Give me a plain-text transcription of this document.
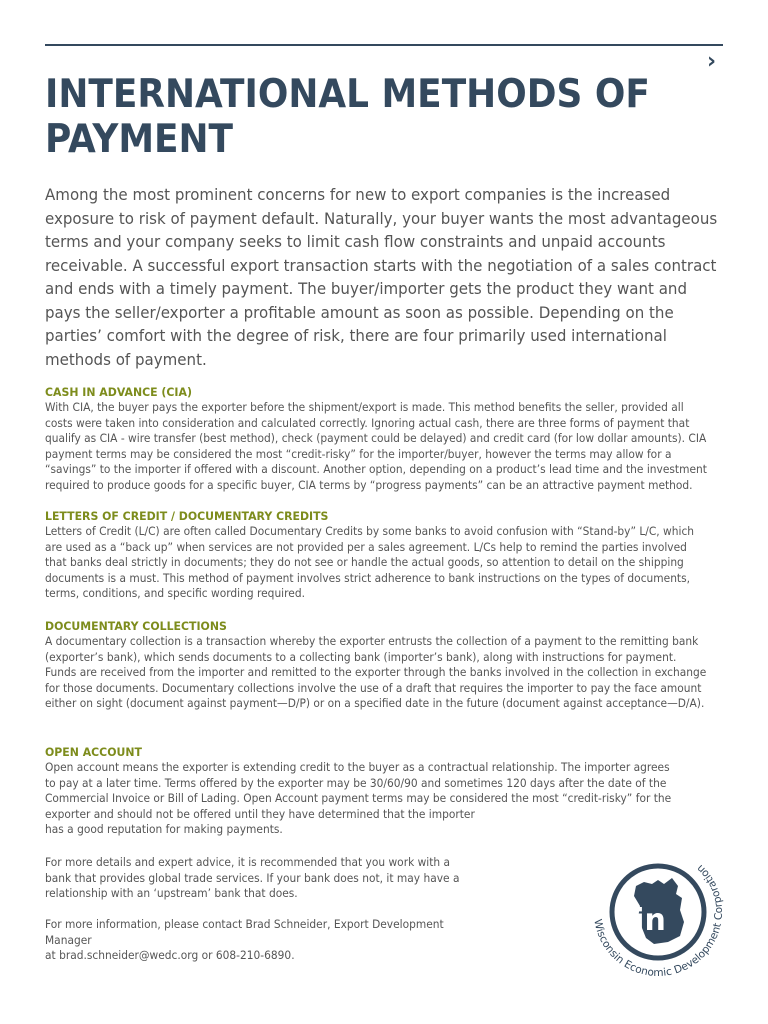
›
INTERNATIONAL METHODS OF PAYMENT

Among the most prominent concerns for new to export companies is the increased exposure to risk of payment default. Naturally, your buyer wants the most advantageous terms and your company seeks to limit cash flow constraints and unpaid accounts receivable. A successful export transaction starts with the negotiation of a sales contract and ends with a timely payment. The buyer/importer gets the product they want and pays the seller/exporter a profitable amount as soon as possible. Depending on the parties’ comfort with the degree of risk, there are four primarily used international methods of payment.

CASH IN ADVANCE (CIA)

With CIA, the buyer pays the exporter before the shipment/export is made. This method benefits the seller, provided all costs were taken into consideration and calculated correctly. Ignoring actual cash, there are three forms of payment that qualify as CIA - wire transfer (best method), check (payment could be delayed) and credit card (for low dollar amounts). CIA payment terms may be considered the most “credit-risky” for the importer/buyer, however the terms may allow for a “savings” to the importer if offered with a discount. Another option, depending on a product’s lead time and the investment required to produce goods for a specific buyer, CIA terms by “progress payments” can be an attractive payment method.

LETTERS OF CREDIT / DOCUMENTARY CREDITS

Letters of Credit (L/C) are often called Documentary Credits by some banks to avoid confusion with “Stand-by” L/C, which are used as a “back up” when services are not provided per a sales agreement. L/Cs help to remind the parties involved that banks deal strictly in documents; they do not see or handle the actual goods, so attention to detail on the shipping documents is a must. This method of payment involves strict adherence to bank instructions on the types of documents, terms, conditions, and specific wording required.

DOCUMENTARY COLLECTIONS

A documentary collection is a transaction whereby the exporter entrusts the collection of a payment to the remitting bank (exporter’s bank), which sends documents to a collecting bank (importer’s bank), along with instructions for payment. Funds are received from the importer and remitted to the exporter through the banks involved in the collection in exchange for those documents. Documentary collections involve the use of a draft that requires the importer to pay the face amount either on sight (document against payment—D/P) or on a specified date in the future (document against acceptance—D/A).

OPEN ACCOUNT

Open account means the exporter is extending credit to the buyer as a contractual relationship. The importer agrees
to pay at a later time. Terms offered by the exporter may be 30/60/90 and sometimes 120 days after the date of the
Commercial Invoice or Bill of Lading. Open Account payment terms may be considered the most “credit-risky” for the
exporter and should not be offered until they have determined that the importer
has a good reputation for making payments.

For more details and expert advice, it is recommended that you work with a
bank that provides global trade services. If your bank does not, it may have a
relationship with an ‘upstream’ bank that does.

For more information, please contact Brad Schneider, Export Development Manager
at brad.schneider@wedc.org or 608-210-6890.

in
Wisconsin Economic Development Corporation
